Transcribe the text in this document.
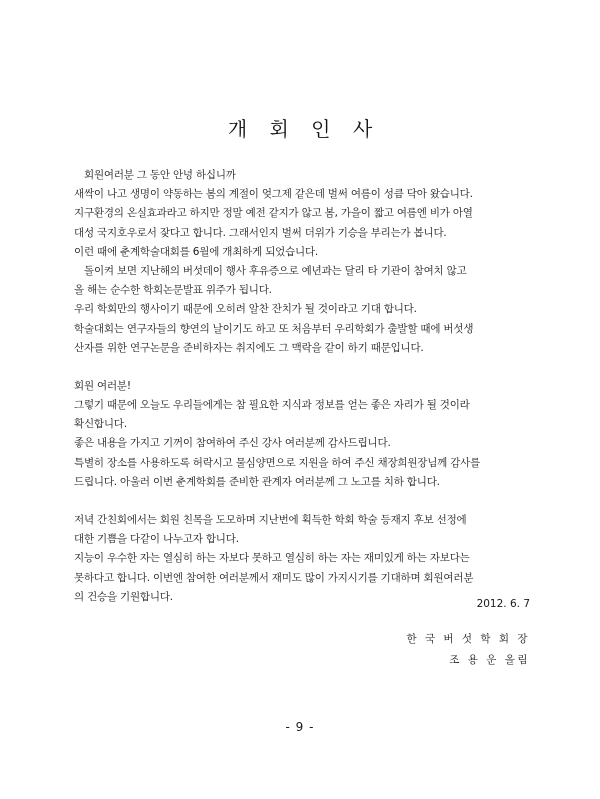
개 회 인 사
회원여러분 그 동안 안녕 하십니까
새싹이 나고 생명이 약동하는 봄의 계절이 엊그제 같은데 벌써 여름이 성큼 닥아 왔습니다.
지구환경의 온실효과라고 하지만 정말 예전 같지가 않고 봄, 가을이 짧고 여름엔 비가 아열
대성 국지호우로서 잦다고 합니다. 그래서인지 벌써 더위가 기승을 부리는가 봅니다.
이런 때에 춘계학술대회를 6월에 개최하게 되었습니다.
돌이켜 보면 지난해의 버섯데이 행사 후유증으로 예년과는 달리 타 기관이 참여치 않고
올 해는 순수한 학회논문발표 위주가 됩니다.
우리 학회만의 행사이기 때문에 오히려 알찬 잔치가 될 것이라고 기대 합니다.
학술대회는 연구자들의 향연의 날이기도 하고 또 처음부터 우리학회가 출발할 때에 버섯생
산자를 위한 연구논문을 준비하자는 취지에도 그 맥락을 같이 하기 때문입니다.
회원 여러분!
그렇기 때문에 오늘도 우리들에게는 참 필요한 지식과 정보를 얻는 좋은 자리가 될 것이라
확신합니다.
좋은 내용을 가지고 기꺼이 참여하여 주신 강사 여러분께 감사드립니다.
특별히 장소를 사용하도록 허락시고 물심양면으로 지원을 하여 주신 채장희원장님께 감사를
드립니다. 아울러 이번 춘계학회를 준비한 관계자 여러분께 그 노고를 치하 합니다.
저녁 간친회에서는 회원 친목을 도모하며 지난번에 획득한 학회 학술 등재지 후보 선정에
대한 기쁨을 다같이 나누고자 합니다.
지능이 우수한 자는 열심히 하는 자보다 못하고 열심히 하는 자는 재미있게 하는 자보다는
못하다고 합니다. 이번엔 참여한 여러분께서 재미도 많이 가지시기를 기대하며 회원여러분
의 건승을 기원합니다.
2012. 6. 7
한 국 버 섯 학 회 장
조 용 운 올림
- 9 -
